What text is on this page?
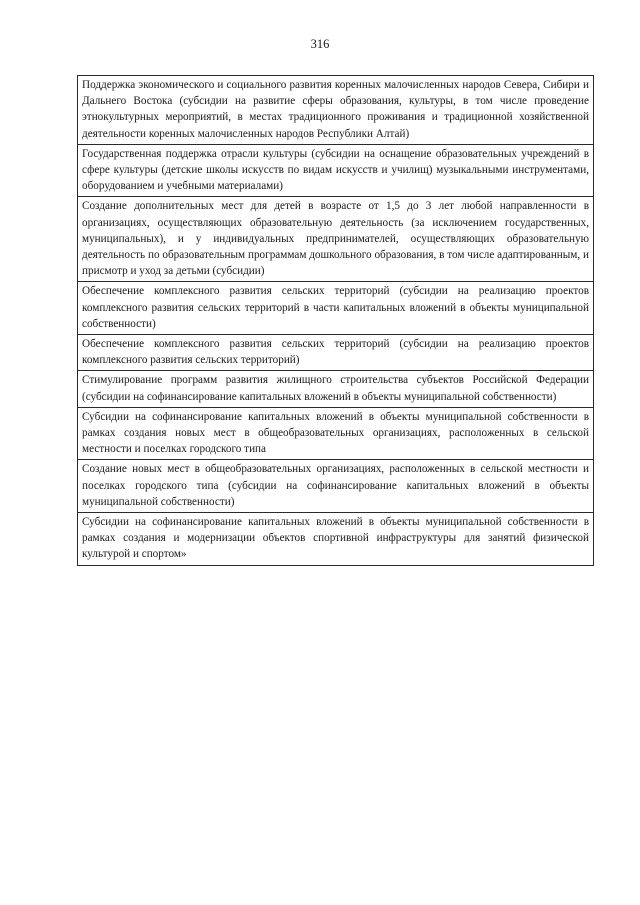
316
Поддержка экономического и социального развития коренных малочисленных народов Севера, Сибири и Дальнего Востока (субсидии на развитие сферы образования, культуры, в том числе проведение этнокультурных мероприятий, в местах традиционного проживания и традиционной хозяйственной деятельности коренных малочисленных народов Республики Алтай)
Государственная поддержка отрасли культуры (субсидии на оснащение образовательных учреждений в сфере культуры (детские школы искусств по видам искусств и училищ) музыкальными инструментами, оборудованием и учебными материалами)
Создание дополнительных мест для детей в возрасте от 1,5 до 3 лет любой направленности в организациях, осуществляющих образовательную деятельность (за исключением государственных, муниципальных), и у индивидуальных предпринимателей, осуществляющих образовательную деятельность по образовательным программам дошкольного образования, в том числе адаптированным, и присмотр и уход за детьми (субсидии)
Обеспечение комплексного развития сельских территорий (субсидии на реализацию проектов комплексного развития сельских территорий в части капитальных вложений в объекты муниципальной собственности)
Обеспечение комплексного развития сельских территорий (субсидии на реализацию проектов комплексного развития сельских территорий)
Стимулирование программ развития жилищного строительства субъектов Российской Федерации (субсидии на софинансирование капитальных вложений в объекты муниципальной собственности)
Субсидии на софинансирование капитальных вложений в объекты муниципальной собственности в рамках создания новых мест в общеобразовательных организациях, расположенных в сельской местности и поселках городского типа
Создание новых мест в общеобразовательных организациях, расположенных в сельской местности и поселках городского типа (субсидии на софинансирование капитальных вложений в объекты муниципальной собственности)
Субсидии на софинансирование капитальных вложений в объекты муниципальной собственности в рамках создания и модернизации объектов спортивной инфраструктуры для занятий физической культурой и спортом»
